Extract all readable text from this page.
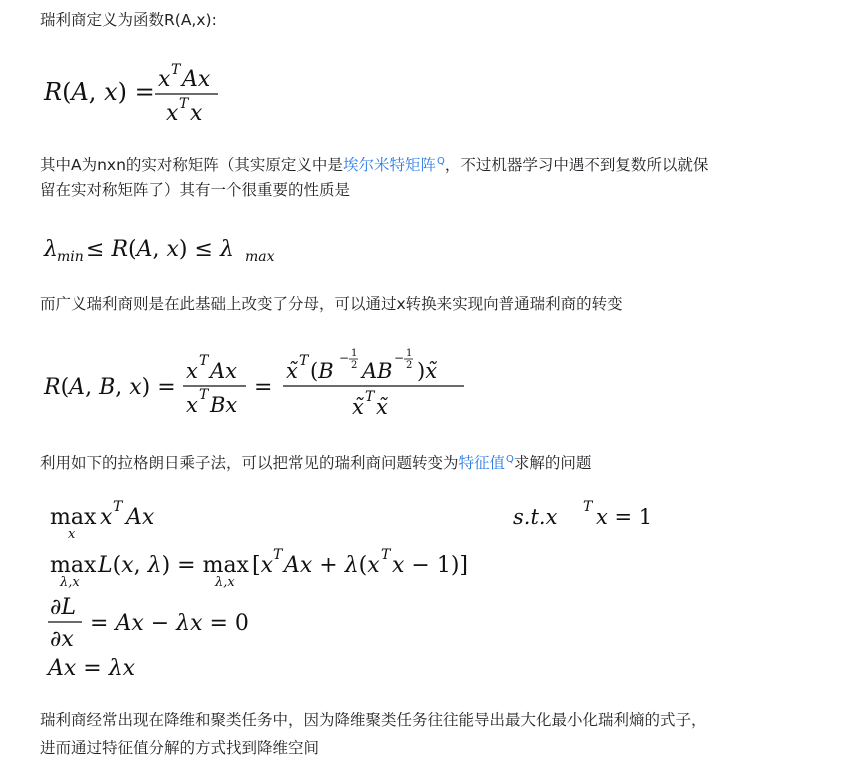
瑞利商定义为函数R(A,x):
R(A, x) = x T Ax
x T x
其中A为nxn的实对称矩阵（其实原定义中是埃尔米特矩阵$^Q$，不过机器学习中遇不到复数所以就保
留在实对称矩阵了）其有一个很重要的性质是
λ min ≤ R(A, x) ≤ λ max
而广义瑞利商则是在此基础上改变了分母，可以通过x转换来实现向普通瑞利商的转变
R(A, B, x) =
x T Ax
x T Bx
=
x̃ T (B
− 1
2 AB
− 1
2 )x̃
x̃ T x̃
利用如下的拉格朗日乘子法，可以把常见的瑞利商问题转变为特征值$^Q$求解的问题
max
x
x T Ax	s.t.x T x = 1
max
λ,x
L(x, λ) = max
λ,x
[x T Ax + λ(x T x − 1)]
∂L
∂x
= Ax − λx = 0
Ax = λx
瑞利商经常出现在降维和聚类任务中，因为降维聚类任务往往能导出最大化最小化瑞利熵的式子，
进而通过特征值分解的方式找到降维空间
